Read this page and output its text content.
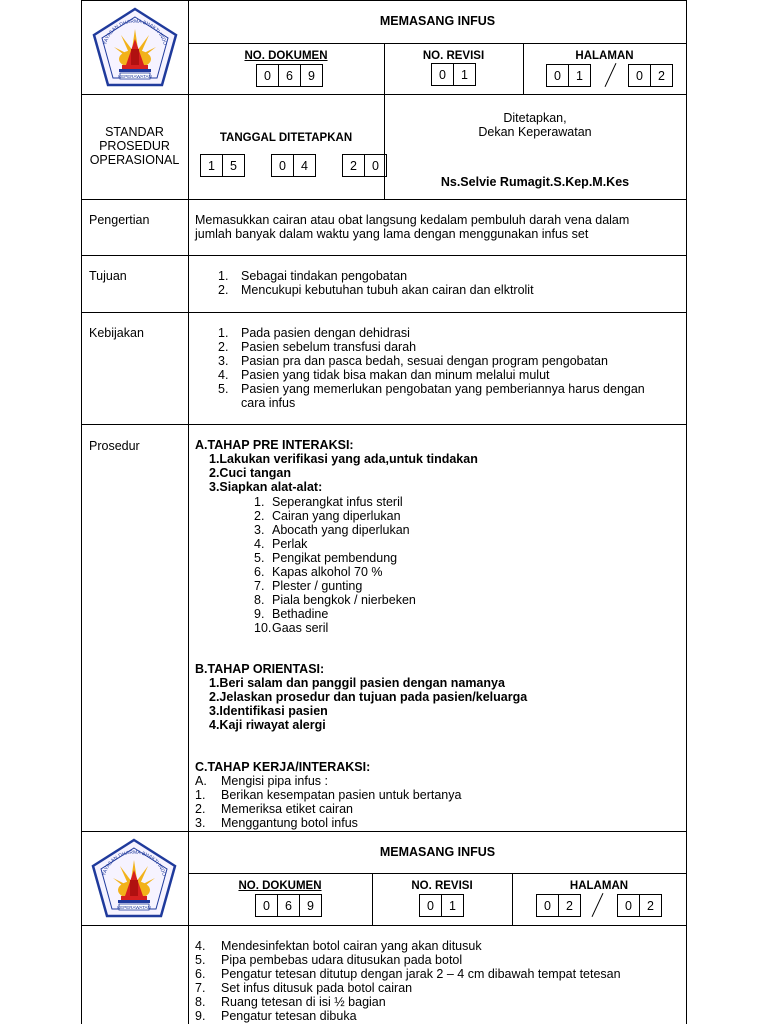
KEPERAWATAN
YAYASAN DHARMA BHAKTI INDO
MEMASANG INFUS
NO. DOKUMEN
0	6	9
NO. REVISI
0	1
HALAMAN
0	1	0	2
STANDAR
PROSEDUR
OPERASIONAL
TANGGAL DITETAPKAN
1	5	0	4	2	0
Ditetapkan,
Dekan Keperawatan
Ns.Selvie Rumagit.S.Kep.M.Kes
Pengertian	Memasukkan cairan atau obat langsung kedalam pembuluh darah vena dalam
jumlah banyak dalam waktu yang lama dengan menggunakan infus set
Tujuan	1.	Sebagai tindakan pengobatan
2.	Mencukupi kebutuhan tubuh akan cairan dan elktrolit
Kebijakan	1.	Pada pasien dengan dehidrasi
2.	Pasien sebelum transfusi darah
3.	Pasian pra dan pasca bedah, sesuai dengan program pengobatan
4.	Pasien yang tidak bisa makan dan minum melalui mulut
5.	Pasien yang memerlukan pengobatan yang pemberiannya harus dengan
cara infus
Prosedur	A.TAHAP PRE INTERAKSI:
1.Lakukan verifikasi yang ada,untuk tindakan
2.Cuci tangan
3.Siapkan alat-alat:
1. Seperangkat infus steril
2. Cairan yang diperlukan
3. Abocath yang diperlukan
4. Perlak
5. Pengikat pembendung
6. Kapas alkohol 70 %
7. Plester / gunting
8. Piala bengkok / nierbeken
9. Bethadine
10. Gaas seril
B.TAHAP ORIENTASI:
1.Beri salam dan panggil pasien dengan namanya
2.Jelaskan prosedur dan tujuan pada pasien/keluarga
3.Identifikasi pasien
4.Kaji riwayat alergi
C.TAHAP KERJA/INTERAKSI:
A.	Mengisi pipa infus :
1.	Berikan kesempatan pasien untuk bertanya
2.	Memeriksa etiket cairan
3.	Menggantung botol infus
KEPERAWATAN
YAYASAN DHARMA BHAKTI INDO
MEMASANG INFUS
NO. DOKUMEN
0	6	9
NO. REVISI
0	1
HALAMAN
0	2	0	2
4.	Mendesinfektan botol cairan yang akan ditusuk
5.	Pipa pembebas udara ditusukan pada botol
6.	Pengatur tetesan ditutup dengan jarak 2 – 4 cm dibawah tempat tetesan
7.	Set infus ditusuk pada botol cairan
8.	Ruang tetesan di isi ½ bagian
9.	Pengatur tetesan dibuka
